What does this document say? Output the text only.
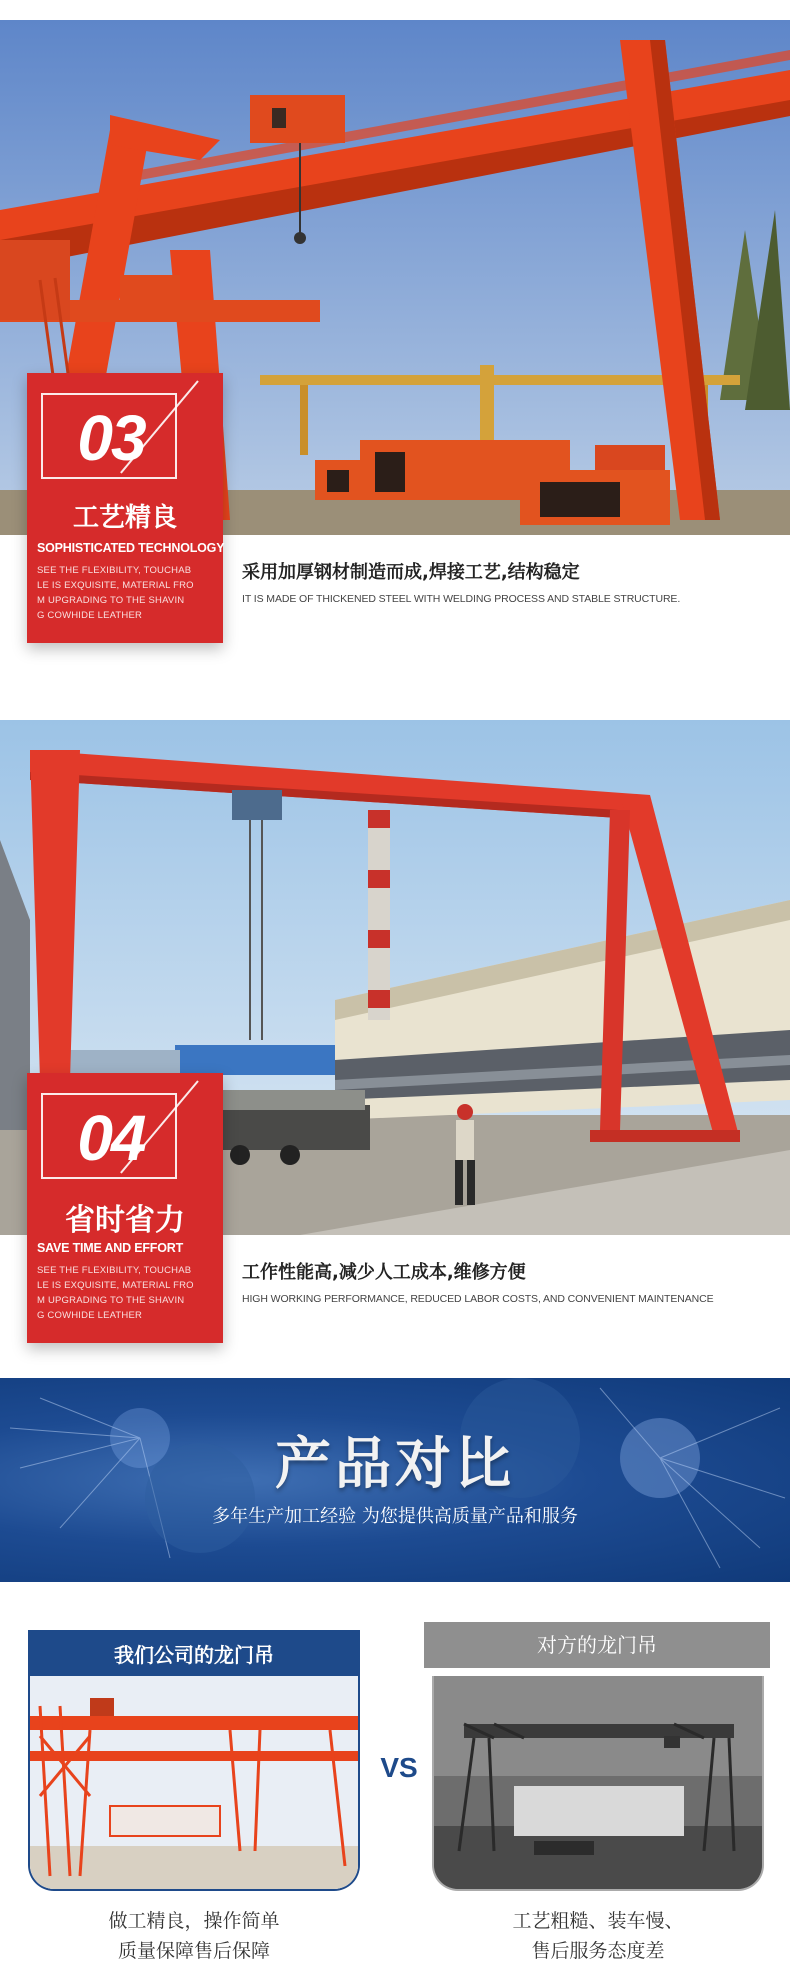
03
工艺精良
SOPHISTICATED TECHNOLOGY
SEE THE FLEXIBILITY, TOUCHAB
LE IS EXQUISITE, MATERIAL FRO
M UPGRADING TO THE SHAVIN
G COWHIDE LEATHER
采用加厚钢材制造而成,焊接工艺,结构稳定
IT IS MADE OF THICKENED STEEL WITH WELDING PROCESS AND STABLE STRUCTURE.
04
省时省力
SAVE TIME AND EFFORT
SEE THE FLEXIBILITY, TOUCHAB
LE IS EXQUISITE, MATERIAL FRO
M UPGRADING TO THE SHAVIN
G COWHIDE LEATHER
工作性能高,减少人工成本,维修方便
HIGH WORKING PERFORMANCE, REDUCED LABOR COSTS, AND CONVENIENT MAINTENANCE
产品对比
多年生产加工经验 为您提供高质量产品和服务
我们公司的龙门吊
VS
对方的龙门吊
做工精良，操作简单
质量保障售后保障
工艺粗糙、装车慢、
售后服务态度差
